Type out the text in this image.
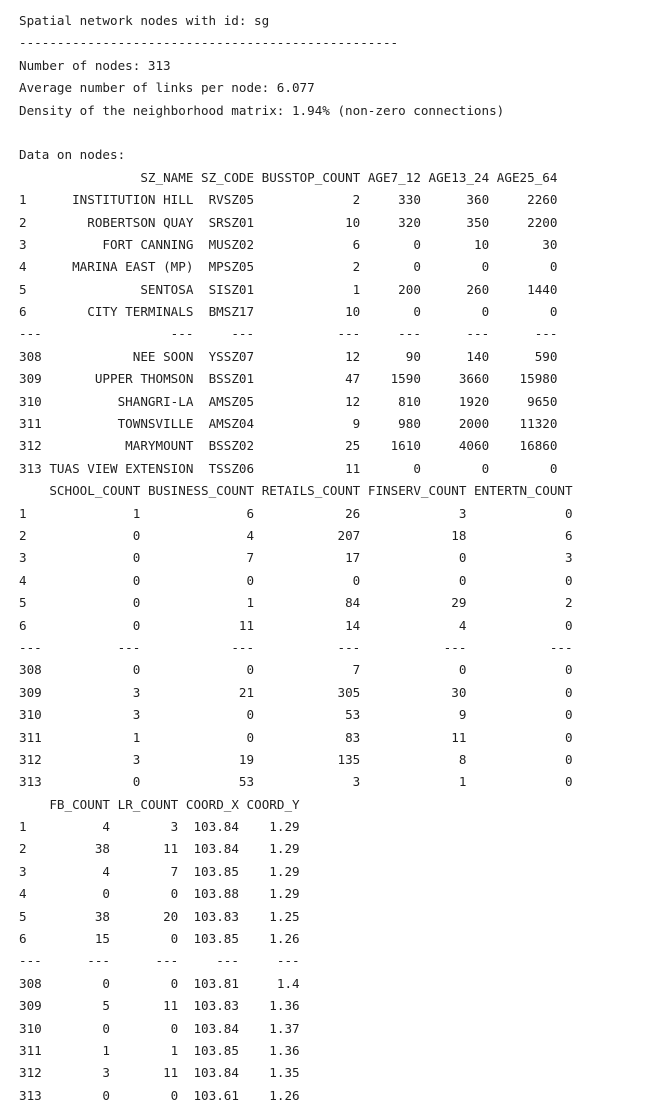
Spatial network nodes with id: sg
--------------------------------------------------
Number of nodes: 313
Average number of links per node: 6.077
Density of the neighborhood matrix: 1.94% (non-zero connections)
Data on nodes:
SZ_NAME SZ_CODE BUSSTOP_COUNT AGE7_12 AGE13_24 AGE25_64
1      INSTITUTION HILL  RVSZ05             2     330      360     2260
2        ROBERTSON QUAY  SRSZ01            10     320      350     2200
3          FORT CANNING  MUSZ02             6       0       10       30
4      MARINA EAST (MP)  MPSZ05             2       0        0        0
5               SENTOSA  SISZ01             1     200      260     1440
6        CITY TERMINALS  BMSZ17            10       0        0        0
---                 ---     ---           ---     ---      ---      ---
308            NEE SOON  YSSZ07            12      90      140      590
309       UPPER THOMSON  BSSZ01            47    1590     3660    15980
310          SHANGRI-LA  AMSZ05            12     810     1920     9650
311          TOWNSVILLE  AMSZ04             9     980     2000    11320
312           MARYMOUNT  BSSZ02            25    1610     4060    16860
313 TUAS VIEW EXTENSION  TSSZ06            11       0        0        0
SCHOOL_COUNT BUSINESS_COUNT RETAILS_COUNT FINSERV_COUNT ENTERTN_COUNT
1              1              6            26             3             0
2              0              4           207            18             6
3              0              7            17             0             3
4              0              0             0             0             0
5              0              1            84            29             2
6              0             11            14             4             0
---          ---            ---           ---           ---           ---
308            0              0             7             0             0
309            3             21           305            30             0
310            3              0            53             9             0
311            1              0            83            11             0
312            3             19           135             8             0
313            0             53             3             1             0
FB_COUNT LR_COUNT COORD_X COORD_Y
1          4        3  103.84    1.29
2         38       11  103.84    1.29
3          4        7  103.85    1.29
4          0        0  103.88    1.29
5         38       20  103.83    1.25
6         15        0  103.85    1.26
---      ---      ---     ---     ---
308        0        0  103.81     1.4
309        5       11  103.83    1.36
310        0        0  103.84    1.37
311        1        1  103.85    1.36
312        3       11  103.84    1.35
313        0        0  103.61    1.26
